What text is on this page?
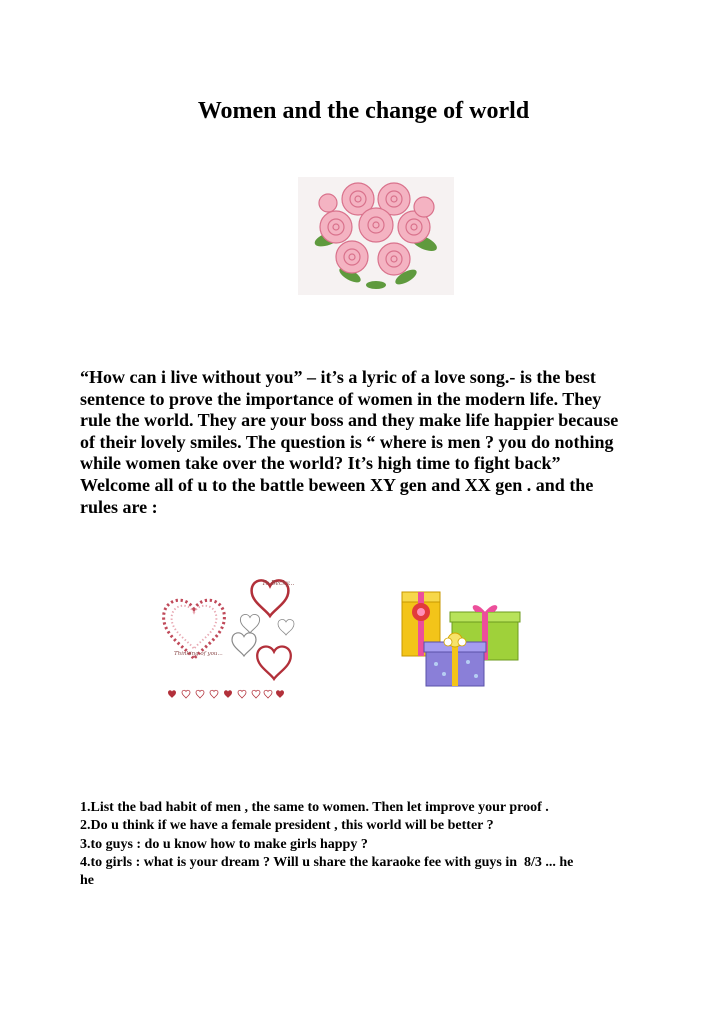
Women and the change of world

“How can i live without you” – it’s a lyric of a love song.- is the best
sentence to prove the importance of women in the modern life. They
rule the world. They are your boss and they make life happier because
of their lovely smiles. The question is “ where is men ? you do nothing
while women take over the world? It’s high time to fight back”
Welcome all of u to the battle beween XY gen and XX gen . and the
rules are :

To Becky...
Thinking of you...
1.List the bad habit of men , the same to women. Then let improve your proof .
2.Do u think if we have a female president , this world will be better ?
3.to guys : do u know how to make girls happy ?
4.to girls : what is your dream ? Will u share the karaoke fee with guys in  8/3 ... he
he
